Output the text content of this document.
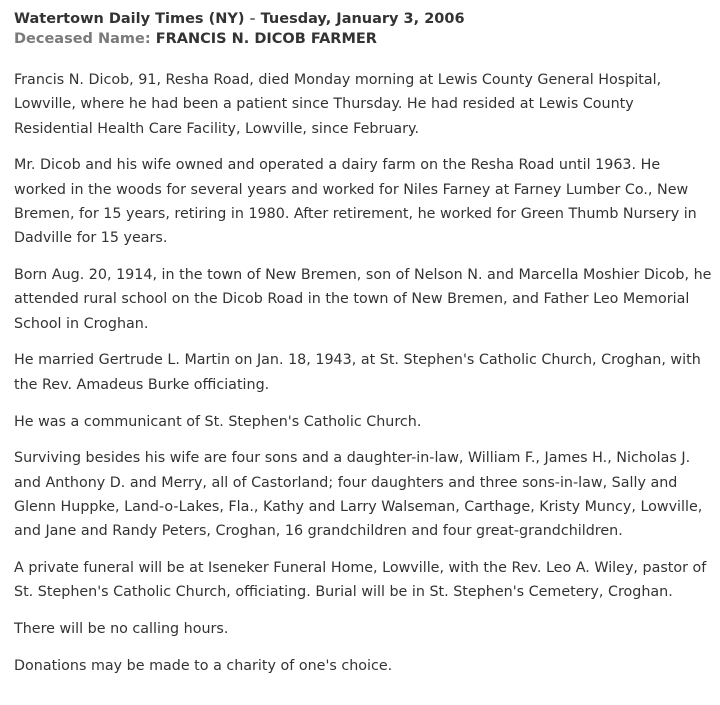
Watertown Daily Times (NY) - Tuesday, January 3, 2006
Deceased Name: FRANCIS N. DICOB FARMER

Francis N. Dicob, 91, Resha Road, died Monday morning at Lewis County General Hospital, Lowville, where he had been a patient since Thursday. He had resided at Lewis County Residential Health Care Facility, Lowville, since February.

Mr. Dicob and his wife owned and operated a dairy farm on the Resha Road until 1963. He worked in the woods for several years and worked for Niles Farney at Farney Lumber Co., New Bremen, for 15 years, retiring in 1980. After retirement, he worked for Green Thumb Nursery in Dadville for 15 years.

Born Aug. 20, 1914, in the town of New Bremen, son of Nelson N. and Marcella Moshier Dicob, he attended rural school on the Dicob Road in the town of New Bremen, and Father Leo Memorial School in Croghan.

He married Gertrude L. Martin on Jan. 18, 1943, at St. Stephen's Catholic Church, Croghan, with the Rev. Amadeus Burke officiating.

He was a communicant of St. Stephen's Catholic Church.

Surviving besides his wife are four sons and a daughter-in-law, William F., James H., Nicholas J. and Anthony D. and Merry, all of Castorland; four daughters and three sons-in-law, Sally and Glenn Huppke, Land-o-Lakes, Fla., Kathy and Larry Walseman, Carthage, Kristy Muncy, Lowville, and Jane and Randy Peters, Croghan, 16 grandchildren and four great-grandchildren.

A private funeral will be at Iseneker Funeral Home, Lowville, with the Rev. Leo A. Wiley, pastor of St. Stephen's Catholic Church, officiating. Burial will be in St. Stephen's Cemetery, Croghan.

There will be no calling hours.

Donations may be made to a charity of one's choice.
